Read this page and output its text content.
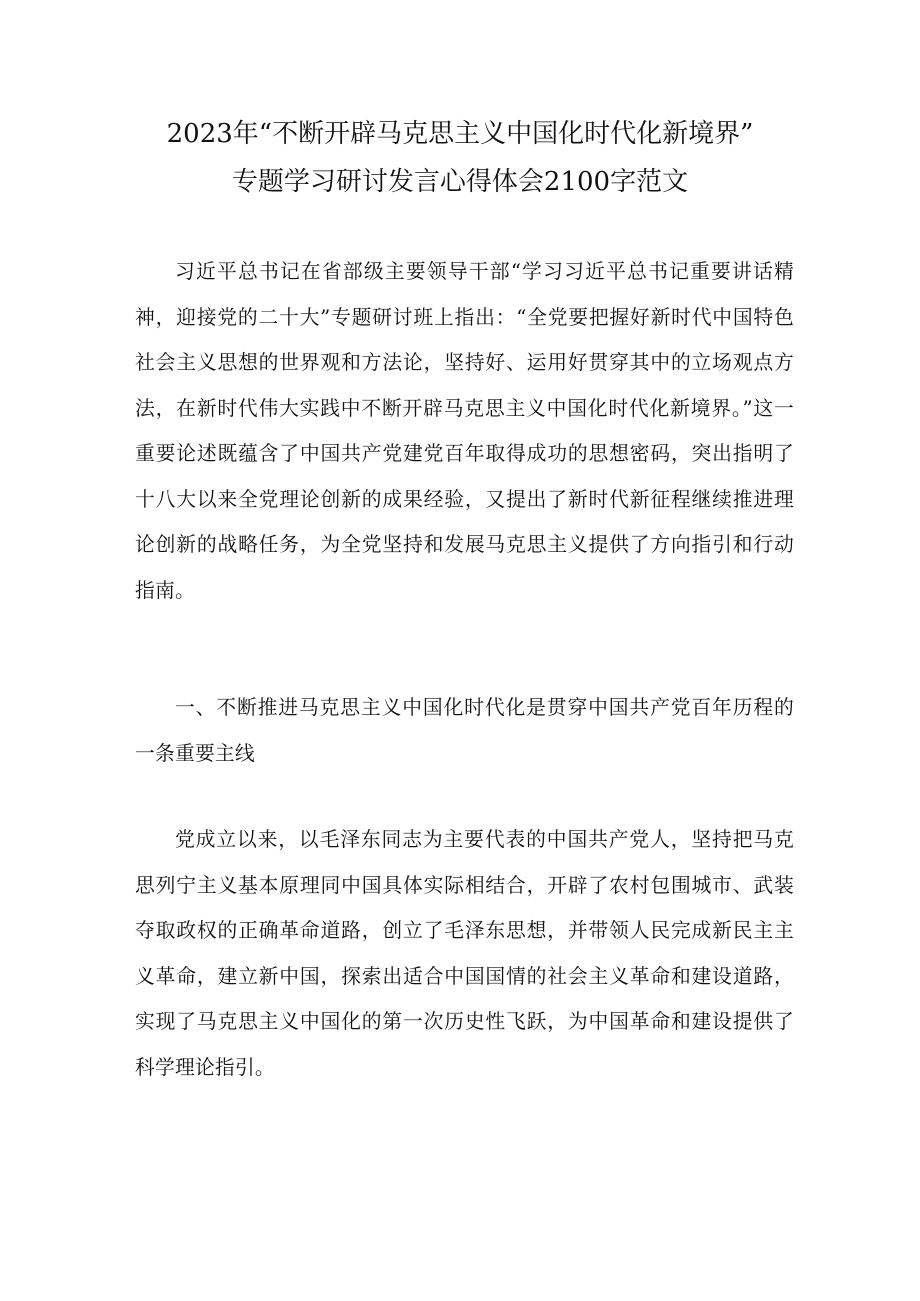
2023年“不断开辟马克思主义中国化时代化新境界”
专题学习研讨发言心得体会2100字范文

习近平总书记在省部级主要领导干部“学习习近平总书记重要讲话精神，迎接党的二十大”专题研讨班上指出：“全党要把握好新时代中国特色社会主义思想的世界观和方法论，坚持好、运用好贯穿其中的立场观点方法，在新时代伟大实践中不断开辟马克思主义中国化时代化新境界。”这一重要论述既蕴含了中国共产党建党百年取得成功的思想密码，突出指明了十八大以来全党理论创新的成果经验，又提出了新时代新征程继续推进理论创新的战略任务，为全党坚持和发展马克思主义提供了方向指引和行动指南。

一、不断推进马克思主义中国化时代化是贯穿中国共产党百年历程的一条重要主线

党成立以来，以毛泽东同志为主要代表的中国共产党人，坚持把马克思列宁主义基本原理同中国具体实际相结合，开辟了农村包围城市、武装夺取政权的正确革命道路，创立了毛泽东思想，并带领人民完成新民主主义革命，建立新中国，探索出适合中国国情的社会主义革命和建设道路，实现了马克思主义中国化的第一次历史性飞跃，为中国革命和建设提供了科学理论指引。
